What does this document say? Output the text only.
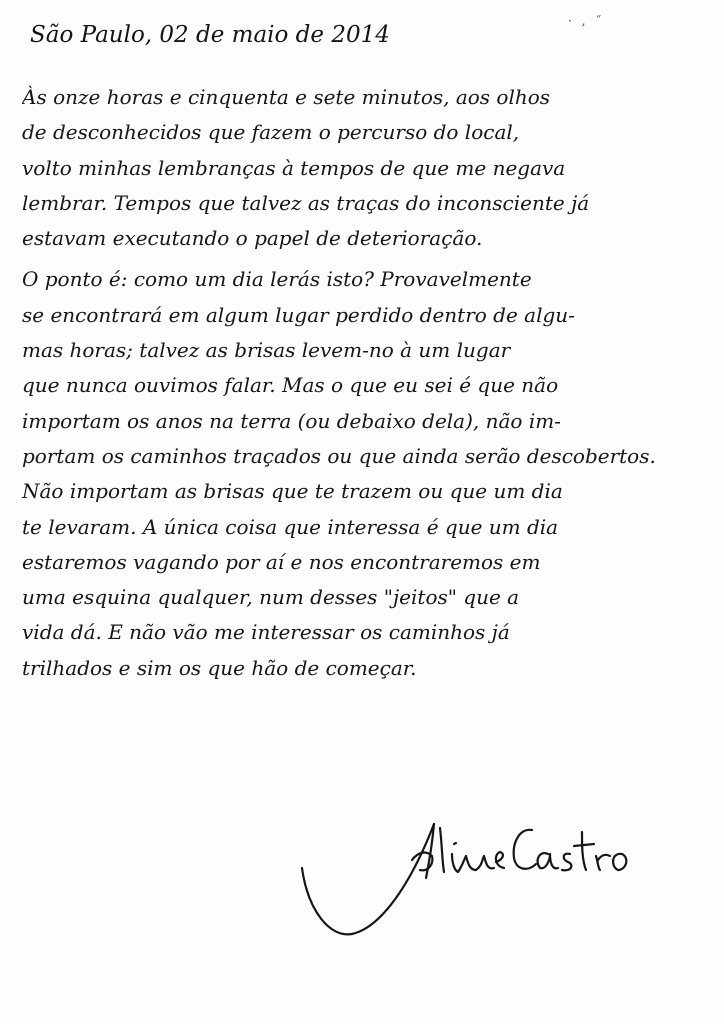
· ‚ ˝
São Paulo, 02 de maio de 2014
Às onze horas e cinquenta e sete minutos, aos olhos
de desconhecidos que fazem o percurso do local,
volto minhas lembranças à tempos de que me negava
lembrar. Tempos que talvez as traças do inconsciente já
estavam executando o papel de deterioração.
O ponto é: como um dia lerás isto? Provavelmente
se encontrará em algum lugar perdido dentro de algu-
mas horas; talvez as brisas levem-no à um lugar
que nunca ouvimos falar. Mas o que eu sei é que não
importam os anos na terra (ou debaixo dela), não im-
portam os caminhos traçados ou que ainda serão descobertos.
Não importam as brisas que te trazem ou que um dia
te levaram. A única coisa que interessa é que um dia
estaremos vagando por aí e nos encontraremos em
uma esquina qualquer, num desses "jeitos" que a
vida dá. E não vão me interessar os caminhos já
trilhados e sim os que hão de começar.
